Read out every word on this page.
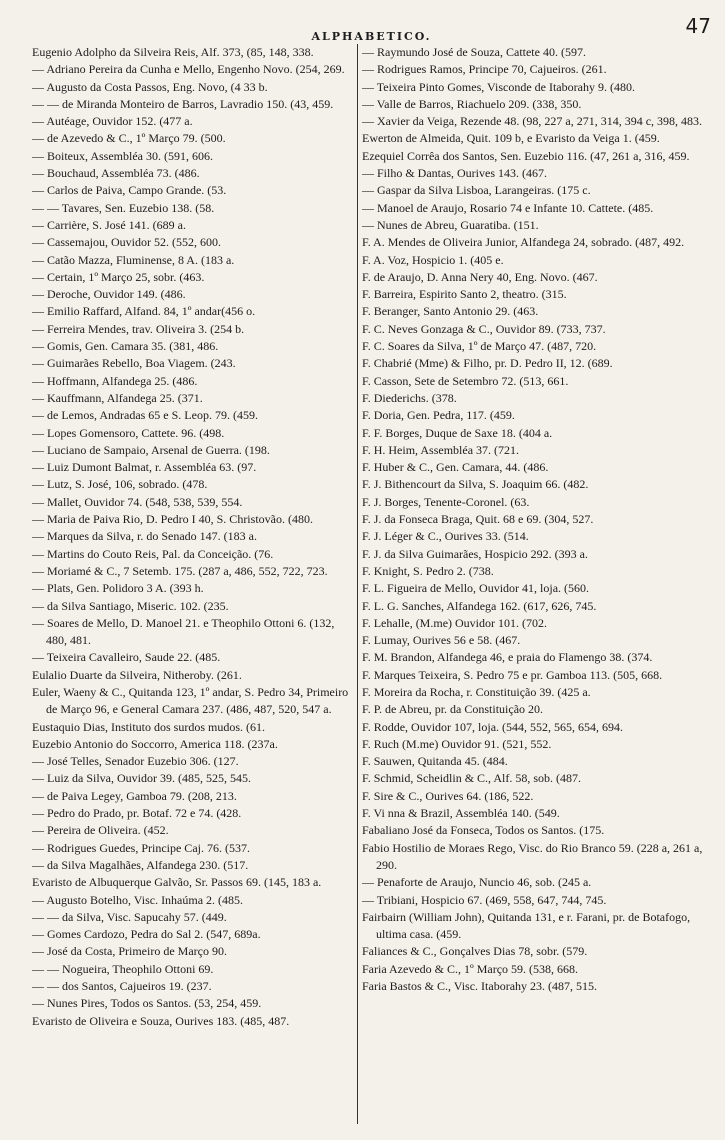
ALPHABETICO.	47

Eugenio Adolpho da Silveira Reis, Alf. 373, (85, 148, 338.

— Adriano Pereira da Cunha e Mello, Engenho Novo. (254, 269.

— Augusto da Costa Passos, Eng. Novo, (4 33 b.

— — de Miranda Monteiro de Barros, Lavradio 150. (43, 459.

— Autéage, Ouvidor 152. (477 a.

— de Azevedo & C., 1º Março 79. (500.

— Boiteux, Assembléa 30. (591, 606.

— Bouchaud, Assembléa 73. (486.

— Carlos de Paiva, Campo Grande. (53.

— — Tavares, Sen. Euzebio 138. (58.

— Carrière, S. José 141. (689 a.

— Cassemajou, Ouvidor 52. (552, 600.

— Catão Mazza, Fluminense, 8 A. (183 a.

— Certain, 1º Março 25, sobr. (463.

— Deroche, Ouvidor 149. (486.

— Emilio Raffard, Alfand. 84, 1º andar(456 o.

— Ferreira Mendes, trav. Oliveira 3. (254 b.

— Gomis, Gen. Camara 35. (381, 486.

— Guimarães Rebello, Boa Viagem. (243.

— Hoffmann, Alfandega 25. (486.

— Kauffmann, Alfandega 25. (371.

— de Lemos, Andradas 65 e S. Leop. 79. (459.

— Lopes Gomensoro, Cattete. 96. (498.

— Luciano de Sampaio, Arsenal de Guerra. (198.

— Luiz Dumont Balmat, r. Assembléa 63. (97.

— Lutz, S. José, 106, sobrado. (478.

— Mallet, Ouvidor 74. (548, 538, 539, 554.

— Maria de Paiva Rio, D. Pedro I 40, S. Christovão. (480.

— Marques da Silva, r. do Senado 147. (183 a.

— Martins do Couto Reis, Pal. da Conceição. (76.

— Moriamé & C., 7 Setemb. 175. (287 a, 486, 552, 722, 723.

— Plats, Gen. Polidoro 3 A. (393 h.

— da Silva Santiago, Miseric. 102. (235.

— Soares de Mello, D. Manoel 21. e Theophilo Ottoni 6. (132, 480, 481.

— Teixeira Cavalleiro, Saude 22. (485.

Eulalio Duarte da Silveira, Nitheroby. (261.

Euler, Waeny & C., Quitanda 123, 1º andar, S. Pedro 34, Primeiro de Março 96, e General Camara 237. (486, 487, 520, 547 a.

Eustaquio Dias, Instituto dos surdos mudos. (61.

Euzebio Antonio do Soccorro, America 118. (237a.

— José Telles, Senador Euzebio 306. (127.

— Luiz da Silva, Ouvidor 39. (485, 525, 545.

— de Paiva Legey, Gamboa 79. (208, 213.

— Pedro do Prado, pr. Botaf. 72 e 74. (428.

— Pereira de Oliveira. (452.

— Rodrigues Guedes, Principe Caj. 76. (537.

— da Silva Magalhães, Alfandega 230. (517.

Evaristo de Albuquerque Galvão, Sr. Passos 69. (145, 183 a.

— Augusto Botelho, Visc. Inhaúma 2. (485.

— — da Silva, Visc. Sapucahy 57. (449.

— Gomes Cardozo, Pedra do Sal 2. (547, 689a.

— José da Costa, Primeiro de Março 90.

— — Nogueira, Theophilo Ottoni 69.

— — dos Santos, Cajueiros 19. (237.

— Nunes Pires, Todos os Santos. (53, 254, 459.

Evaristo de Oliveira e Souza, Ourives 183. (485, 487.

— Raymundo José de Souza, Cattete 40. (597.

— Rodrigues Ramos, Principe 70, Cajueiros. (261.

— Teixeira Pinto Gomes, Visconde de Itaborahy 9. (480.

— Valle de Barros, Riachuelo 209. (338, 350.

— Xavier da Veiga, Rezende 48. (98, 227 a, 271, 314, 394 c, 398, 483.

Ewerton de Almeida, Quit. 109 b, e Evaristo da Veiga 1. (459.

Ezequiel Corrêa dos Santos, Sen. Euzebio 116. (47, 261 a, 316, 459.

— Filho & Dantas, Ourives 143. (467.

— Gaspar da Silva Lisboa, Larangeiras. (175 c.

— Manoel de Araujo, Rosario 74 e Infante 10. Cattete. (485.

— Nunes de Abreu, Guaratiba. (151.

F. A. Mendes de Oliveira Junior, Alfandega 24, sobrado. (487, 492.

F. A. Voz, Hospicio 1. (405 e.

F. de Araujo, D. Anna Nery 40, Eng. Novo. (467.

F. Barreira, Espirito Santo 2, theatro. (315.

F. Beranger, Santo Antonio 29. (463.

F. C. Neves Gonzaga & C., Ouvidor 89. (733, 737.

F. C. Soares da Silva, 1º de Março 47. (487, 720.

F. Chabrié (Mme) & Filho, pr. D. Pedro II, 12. (689.

F. Casson, Sete de Setembro 72. (513, 661.

F. Diederichs. (378.

F. Doria, Gen. Pedra, 117. (459.

F. F. Borges, Duque de Saxe 18. (404 a.

F. H. Heim, Assembléa 37. (721.

F. Huber & C., Gen. Camara, 44. (486.

F. J. Bithencourt da Silva, S. Joaquim 66. (482.

F. J. Borges, Tenente-Coronel. (63.

F. J. da Fonseca Braga, Quit. 68 e 69. (304, 527.

F. J. Léger & C., Ourives 33. (514.

F. J. da Silva Guimarães, Hospicio 292. (393 a.

F. Knight, S. Pedro 2. (738.

F. L. Figueira de Mello, Ouvidor 41, loja. (560.

F. L. G. Sanches, Alfandega 162. (617, 626, 745.

F. Lehalle, (M.me) Ouvidor 101. (702.

F. Lumay, Ourives 56 e 58. (467.

F. M. Brandon, Alfandega 46, e praia do Flamengo 38. (374.

F. Marques Teixeira, S. Pedro 75 e pr. Gamboa 113. (505, 668.

F. Moreira da Rocha, r. Constituição 39. (425 a.

F. P. de Abreu, pr. da Constituição 20.

F. Rodde, Ouvidor 107, loja. (544, 552, 565, 654, 694.

F. Ruch (M.me) Ouvidor 91. (521, 552.

F. Sauwen, Quitanda 45. (484.

F. Schmid, Scheidlin & C., Alf. 58, sob. (487.

F. Sire & C., Ourives 64. (186, 522.

F. Vi nna & Brazil, Assembléa 140. (549.

Fabaliano José da Fonseca, Todos os Santos. (175.

Fabio Hostilio de Moraes Rego, Visc. do Rio Branco 59. (228 a, 261 a, 290.

— Penaforte de Araujo, Nuncio 46, sob. (245 a.

— Tribiani, Hospicio 67. (469, 558, 647, 744, 745.

Fairbairn (William John), Quitanda 131, e r. Farani, pr. de Botafogo, ultima casa. (459.

Faliances & C., Gonçalves Dias 78, sobr. (579.

Faria Azevedo & C., 1º Março 59. (538, 668.

Faria Bastos & C., Visc. Itaborahy 23. (487, 515.
